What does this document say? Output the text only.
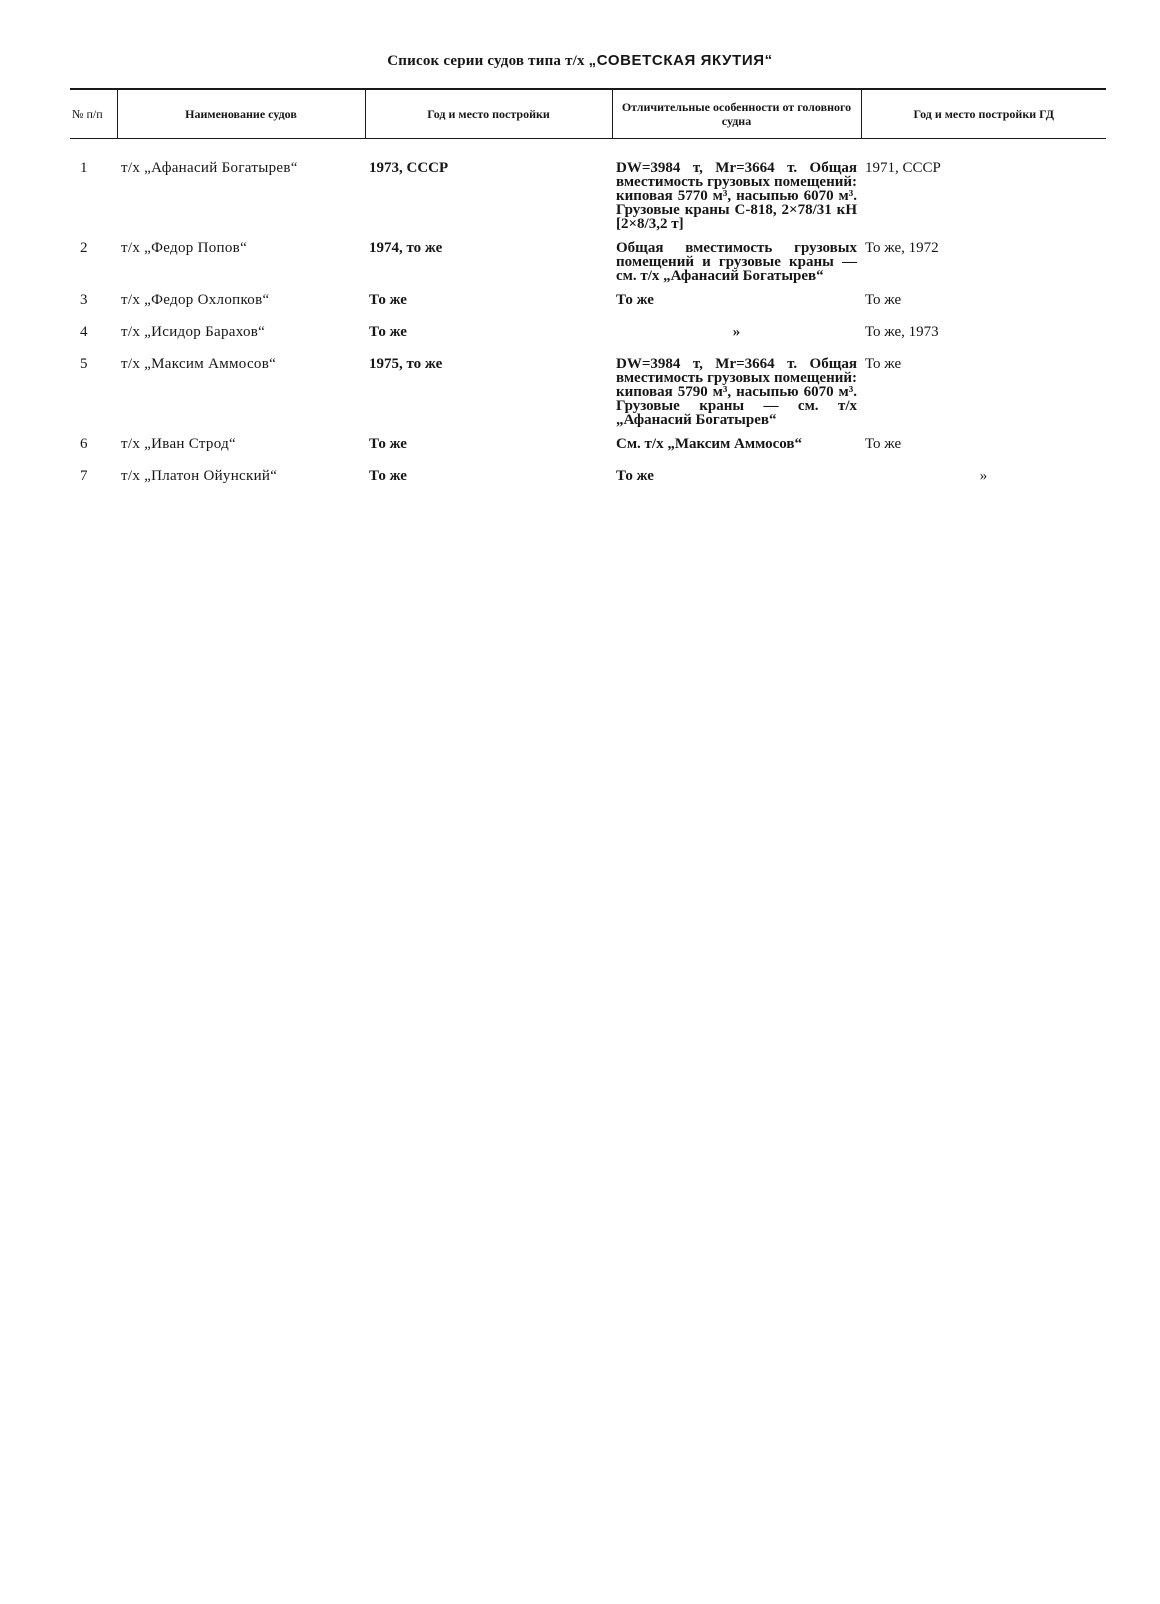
Список серии судов типа т/х „СОВЕТСКАЯ ЯКУТИЯ“
№ п/п	Наименование судов	Год и место постройки	Отличительные особенности от головного судна	Год и место постройки ГД
1	т/х „Афанасий Богатырев“	1973, СССР	DW=3984 т, Mr=3664 т. Общая вместимость грузовых помещений: киповая 5770 м³, насыпью 6070 м³. Грузовые краны С-818, 2×78/31 кН [2×8/3,2 т]	1971, СССР
2	т/х „Федор Попов“	1974, то же	Общая вместимость грузовых помещений и грузовые краны — см. т/х „Афанасий Богатырев“	То же, 1972
3	т/х „Федор Охлопков“	То же	То же	То же
4	т/х „Исидор Барахов“	То же	»	То же, 1973
5	т/х „Максим Аммосов“	1975, то же	DW=3984 т, Mr=3664 т. Общая вместимость грузовых помещений: киповая 5790 м³, насыпью 6070 м³. Грузовые краны — см. т/х „Афанасий Богатырев“	То же
6	т/х „Иван Строд“	То же	См. т/х „Максим Аммосов“	То же
7	т/х „Платон Ойунский“	То же	То же	»
